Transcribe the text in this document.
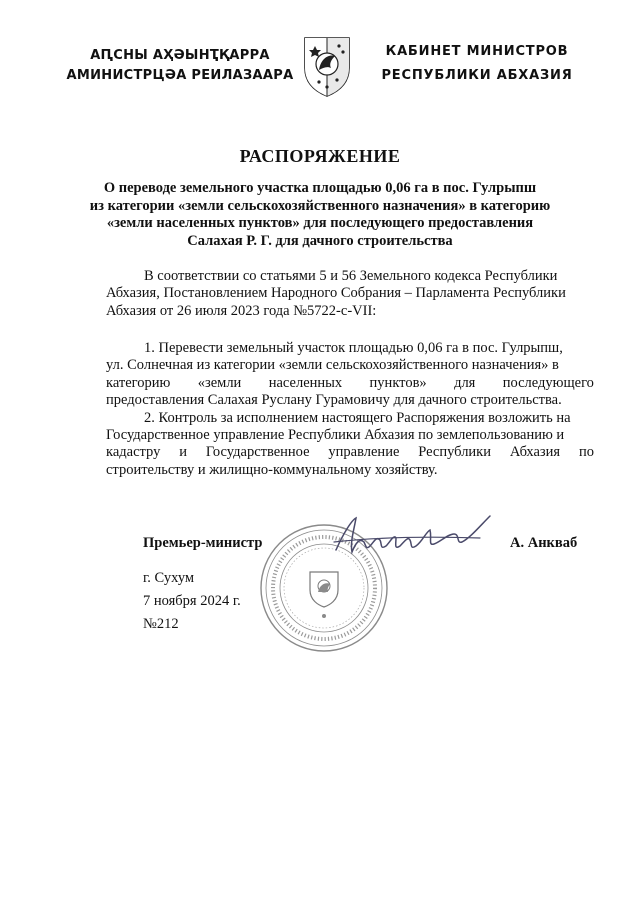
АԤСНЫ АҲӘЫНҬҚАРРА
АМИНИСТРЦӘА РЕИЛАЗААРА
КАБИНЕТ МИНИСТРОВ
РЕСПУБЛИКИ АБХАЗИЯ
РАСПОРЯЖЕНИЕ
О переводе земельного участка площадью 0,06 га в пос. Гулрыпш
из категории «земли сельскохозяйственного назначения» в категорию
«земли населенных пунктов» для последующего предоставления
Салахая Р. Г. для дачного строительства
В соответствии со статьями 5 и 56 Земельного кодекса Республики
Абхазия, Постановлением Народного Собрания – Парламента Республики
Абхазия от 26 июля 2023 года №5722-с-VII:
1. Перевести земельный участок площадью 0,06 га в пос. Гулрыпш,
ул. Солнечная из категории «земли сельскохозяйственного назначения» в
категорию «земли населенных пунктов» для последующего
предоставления Салахая Руслану Гурамовичу для дачного строительства.
2. Контроль за исполнением настоящего Распоряжения возложить на
Государственное управление Республики Абхазия по землепользованию и
кадастру и Государственное управление Республики Абхазия по
строительству и жилищно-коммунальному хозяйству.
Премьер-министр	А. Анкваб
г. Сухум
7 ноября 2024 г.
№212
